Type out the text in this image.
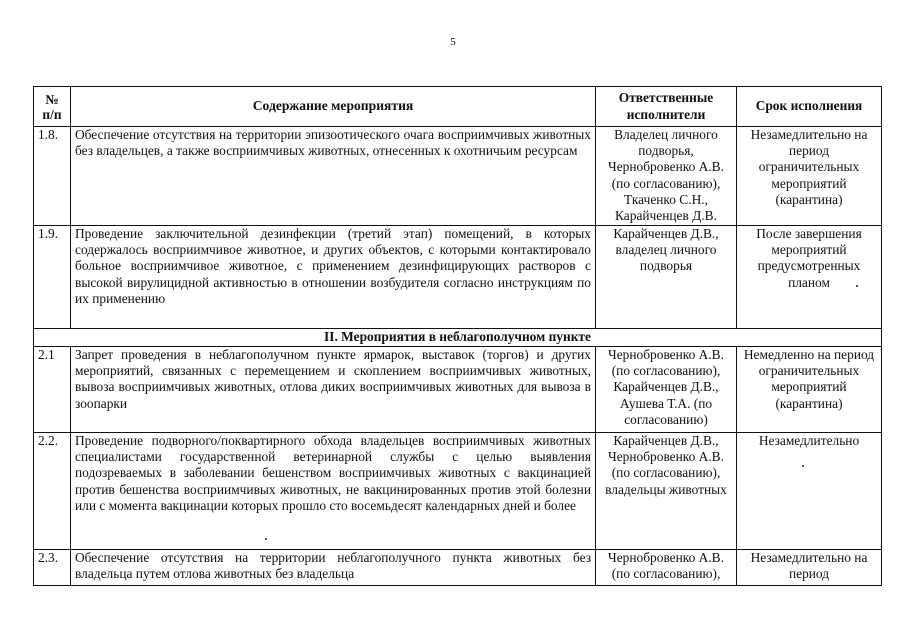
5
№ п/п	Содержание мероприятия	Ответственные исполнители	Срок исполнения
1.8.	Обеспечение отсутствия на территории эпизоотического очага восприимчивых животных без владельцев, а также восприимчивых животных, отнесенных к охотничьим ресурсам	Владелец личного подворья, Чернобровенко А.В. (по согласованию), Ткаченко С.Н., Карайченцев Д.В.	Незамедлительно на период ограничительных мероприятий (карантина)
1.9.	Проведение заключительной дезинфекции (третий этап) помещений, в которых содержалось восприимчивое животное, и других объектов, с которыми контактировало больное восприимчивое животное, с применением дезинфицирующих растворов с высокой вирулицидной активностью в отношении возбудителя согласно инструкциям по их применению	Карайченцев Д.В., владелец личного подворья	После завершения мероприятий предусмотренных планом
II. Мероприятия в неблагополучном пункте			
2.1	Запрет проведения в неблагополучном пункте ярмарок, выставок (торгов) и других мероприятий, связанных с перемещением и скоплением восприимчивых животных, вывоза восприимчивых животных, отлова диких восприимчивых животных для вывоза в зоопарки	Чернобровенко А.В. (по согласованию), Карайченцев Д.В., Аушева Т.А. (по согласованию)	Немедленно на период ограничительных мероприятий (карантина)
2.2.	Проведение подворного/поквартирного обхода владельцев восприимчивых животных специалистами государственной ветеринарной службы с целью выявления подозреваемых в заболевании бешенством восприимчивых животных с вакцинацией против бешенства восприимчивых животных, не вакцинированных против этой болезни или с момента вакцинации которых прошло сто восемьдесят календарных дней и более	Карайченцев Д.В., Чернобровенко А.В. (по согласованию), владельцы животных	Незамедлительно
2.3.	Обеспечение отсутствия на территории неблагополучного пункта животных без владельца путем отлова животных без владельца	Чернобровенко А.В. (по согласованию),	Незамедлительно на период
